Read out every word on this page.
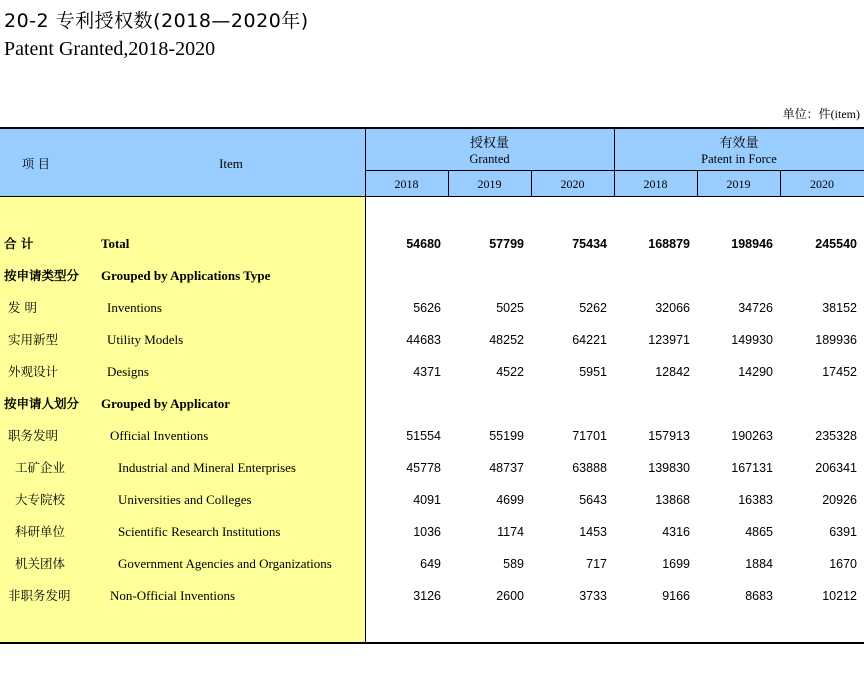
20-2 专利授权数(2018—2020年)
Patent Granted,2018-2020
单位：件(item)
项 目	Item
授权量
Granted
有效量
Patent in Force
2018	2019	2020	2018	2019	2020
合 计	Total	54680	57799	75434	168879	198946	245540
按申请类型分 Grouped by Applications Type
发 明	Inventions	5626	5025	5262	32066	34726	38152
实用新型	Utility Models	44683	48252	64221	123971	149930	189936
外观设计	Designs	4371	4522	5951	12842	14290	17452
按申请人划分 Grouped by Applicator
职务发明	Official Inventions	51554	55199	71701	157913	190263	235328
工矿企业	Industrial and Mineral Enterprises	45778	48737	63888	139830	167131	206341
大专院校	Universities and Colleges	4091	4699	5643	13868	16383	20926
科研单位	Scientific Research Institutions	1036	1174	1453	4316	4865	6391
机关团体	Government Agencies and Organizations	649	589	717	1699	1884	1670
非职务发明	Non-Official Inventions	3126	2600	3733	9166	8683	10212
